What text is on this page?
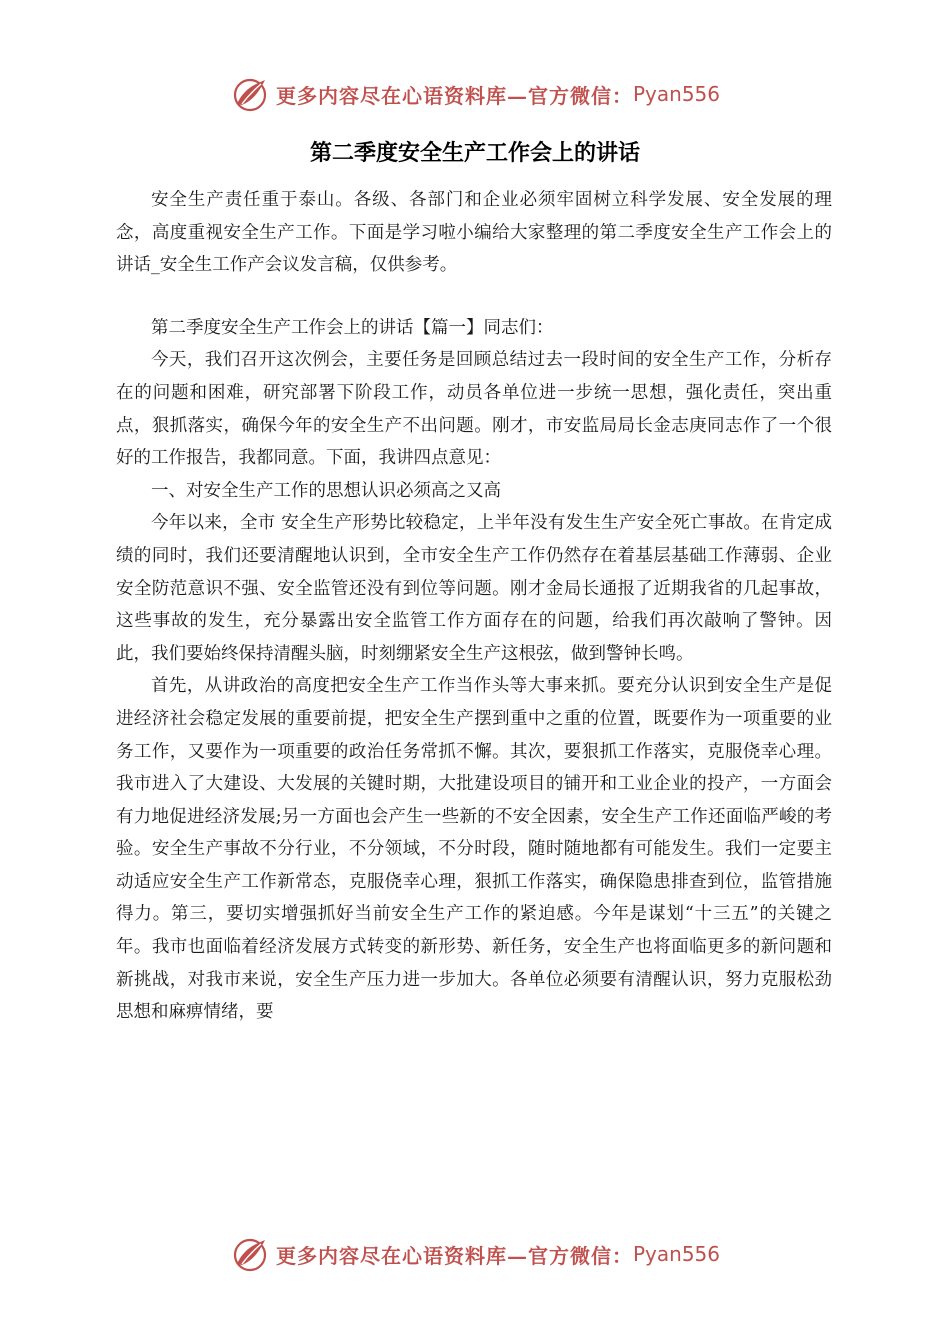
更多内容尽在心语资料库—官方微信： Pyan556
第二季度安全生产工作会上的讲话

安全生产责任重于泰山。各级、各部门和企业必须牢固树立科学发展、安全发展的理念，高度重视安全生产工作。下面是学习啦小编给大家整理的第二季度安全生产工作会上的讲话_安全生工作产会议发言稿，仅供参考。

第二季度安全生产工作会上的讲话【篇一】同志们：

今天，我们召开这次例会，主要任务是回顾总结过去一段时间的安全生产工作，分析存在的问题和困难，研究部署下阶段工作，动员各单位进一步统一思想，强化责任，突出重点，狠抓落实，确保今年的安全生产不出问题。刚才，市安监局局长金志庚同志作了一个很好的工作报告，我都同意。下面，我讲四点意见：

一、对安全生产工作的思想认识必须高之又高

今年以来，全市 安全生产形势比较稳定，上半年没有发生生产安全死亡事故。在肯定成绩的同时，我们还要清醒地认识到，全市安全生产工作仍然存在着基层基础工作薄弱、企业安全防范意识不强、安全监管还没有到位等问题。刚才金局长通报了近期我省的几起事故，这些事故的发生，充分暴露出安全监管工作方面存在的问题，给我们再次敲响了警钟。因此，我们要始终保持清醒头脑，时刻绷紧安全生产这根弦，做到警钟长鸣。

首先，从讲政治的高度把安全生产工作当作头等大事来抓。要充分认识到安全生产是促进经济社会稳定发展的重要前提，把安全生产摆到重中之重的位置，既要作为一项重要的业务工作，又要作为一项重要的政治任务常抓不懈。其次，要狠抓工作落实，克服侥幸心理。我市进入了大建设、大发展的关键时期，大批建设项目的铺开和工业企业的投产，一方面会有力地促进经济发展;另一方面也会产生一些新的不安全因素，安全生产工作还面临严峻的考验。安全生产事故不分行业，不分领域，不分时段，随时随地都有可能发生。我们一定要主动适应安全生产工作新常态，克服侥幸心理，狠抓工作落实，确保隐患排查到位，监管措施得力。第三，要切实增强抓好当前安全生产工作的紧迫感。今年是谋划“十三五”的关键之年。我市也面临着经济发展方式转变的新形势、新任务，安全生产也将面临更多的新问题和新挑战，对我市来说，安全生产压力进一步加大。各单位必须要有清醒认识，努力克服松劲思想和麻痹情绪，要

更多内容尽在心语资料库—官方微信： Pyan556
